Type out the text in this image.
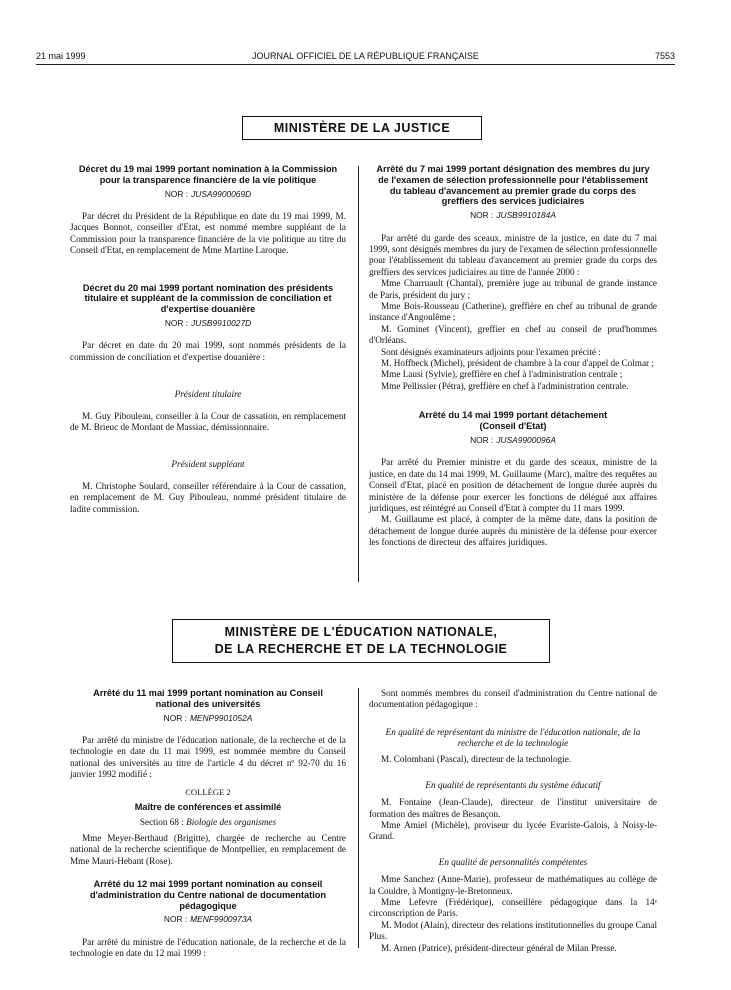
21 mai 1999	JOURNAL OFFICIEL DE LA RÉPUBLIQUE FRANÇAISE	7553
MINISTÈRE DE LA JUSTICE
Décret du 19 mai 1999 portant nomination à la Commission pour la transparence financière de la vie politique
NOR : JUSA9900069D

Par décret du Président de la République en date du 19 mai 1999, M. Jacques Bonnot, conseiller d'Etat, est nommé membre suppléant de la Commission pour la transparence financière de la vie politique au titre du Conseil d'Etat, en remplacement de Mme Martine Laroque.

Décret du 20 mai 1999 portant nomination des présidents titulaire et suppléant de la commission de conciliation et d'expertise douanière
NOR : JUSB9910027D

Par décret en date du 20 mai 1999, sont nommés présidents de la commission de conciliation et d'expertise douanière :

Président titulaire

M. Guy Pibouleau, conseiller à la Cour de cassation, en remplacement de M. Brieuc de Mordant de Massiac, démissionnaire.

Président suppléant

M. Christophe Soulard, conseiller référendaire à la Cour de cassation, en remplacement de M. Guy Pibouleau, nommé président titulaire de ladite commission.

Arrêté du 7 mai 1999 portant désignation des membres du jury de l'examen de sélection professionnelle pour l'établissement du tableau d'avancement au premier grade du corps des greffiers des services judiciaires
NOR : JUSB9910184A

Par arrêté du garde des sceaux, ministre de la justice, en date du 7 mai 1999, sont désignés membres du jury de l'examen de sélection professionnelle pour l'établissement du tableau d'avancement au premier grade du corps des greffiers des services judiciaires au titre de l'année 2000 :

Mme Charruault (Chantal), première juge au tribunal de grande instance de Paris, président du jury ;

Mme Bois-Rousseau (Catherine), greffière en chef au tribunal de grande instance d'Angoulême ;

M. Gominet (Vincent), greffier en chef au conseil de prud'hommes d'Orléans.

Sont désignés examinateurs adjoints pour l'examen précité :

M. Hoffbeck (Michel), président de chambre à la cour d'appel de Colmar ;

Mme Lausi (Sylvie), greffière en chef à l'administration centrale ;

Mme Pellissier (Pétra), greffière en chef à l'administration centrale.

Arrêté du 14 mai 1999 portant détachement (Conseil d'Etat)
NOR : JUSA9900096A

Par arrêté du Premier ministre et du garde des sceaux, ministre de la justice, en date du 14 mai 1999, M. Guillaume (Marc), maître des requêtes au Conseil d'Etat, placé en position de détachement de longue durée auprès du ministère de la défense pour exercer les fonctions de délégué aux affaires juridiques, est réintégré au Conseil d'Etat à compter du 11 mars 1999.

M. Guillaume est placé, à compter de la même date, dans la position de détachement de longue durée auprès du ministère de la défense pour exercer les fonctions de directeur des affaires juridiques.

MINISTÈRE DE L'ÉDUCATION NATIONALE,
DE LA RECHERCHE ET DE LA TECHNOLOGIE
Arrêté du 11 mai 1999 portant nomination au Conseil national des universités
NOR : MENP9901052A

Par arrêté du ministre de l'éducation nationale, de la recherche et de la technologie en date du 11 mai 1999, est nommée membre du Conseil national des universités au titre de l'article 4 du décret nº 92-70 du 16 janvier 1992 modifié :

COLLÈGE 2
Maître de conférences et assimilé
Section 68 : Biologie des organismes

Mme Meyer-Berthaud (Brigitte), chargée de recherche au Centre national de la recherche scientifique de Montpellier, en remplacement de Mme Mauri-Hebant (Rose).

Arrêté du 12 mai 1999 portant nomination au conseil d'administration du Centre national de documentation pédagogique
NOR : MENF9900973A

Par arrêté du ministre de l'éducation nationale, de la recherche et de la technologie en date du 12 mai 1999 :

Sont nommés membres du conseil d'administration du Centre national de documentation pédagogique :

En qualité de représentant du ministre de l'éducation nationale, de la recherche et de la technologie

M. Colombani (Pascal), directeur de la technologie.

En qualité de représentants du système éducatif

M. Fontaine (Jean-Claude), directeur de l'institut universitaire de formation des maîtres de Besançon.

Mme Amiel (Michèle), proviseur du lycée Evariste-Galois, à Noisy-le-Grand.

En qualité de personnalités compétentes

Mme Sanchez (Anne-Marie), professeur de mathématiques au collège de la Couldre, à Montigny-le-Bretonneux.

Mme Lefevre (Frédérique), conseillère pédagogique dans la 14ᵉ circonscription de Paris.

M. Modot (Alain), directeur des relations institutionnelles du groupe Canal Plus.

M. Arnen (Patrice), président-directeur général de Milan Presse.
